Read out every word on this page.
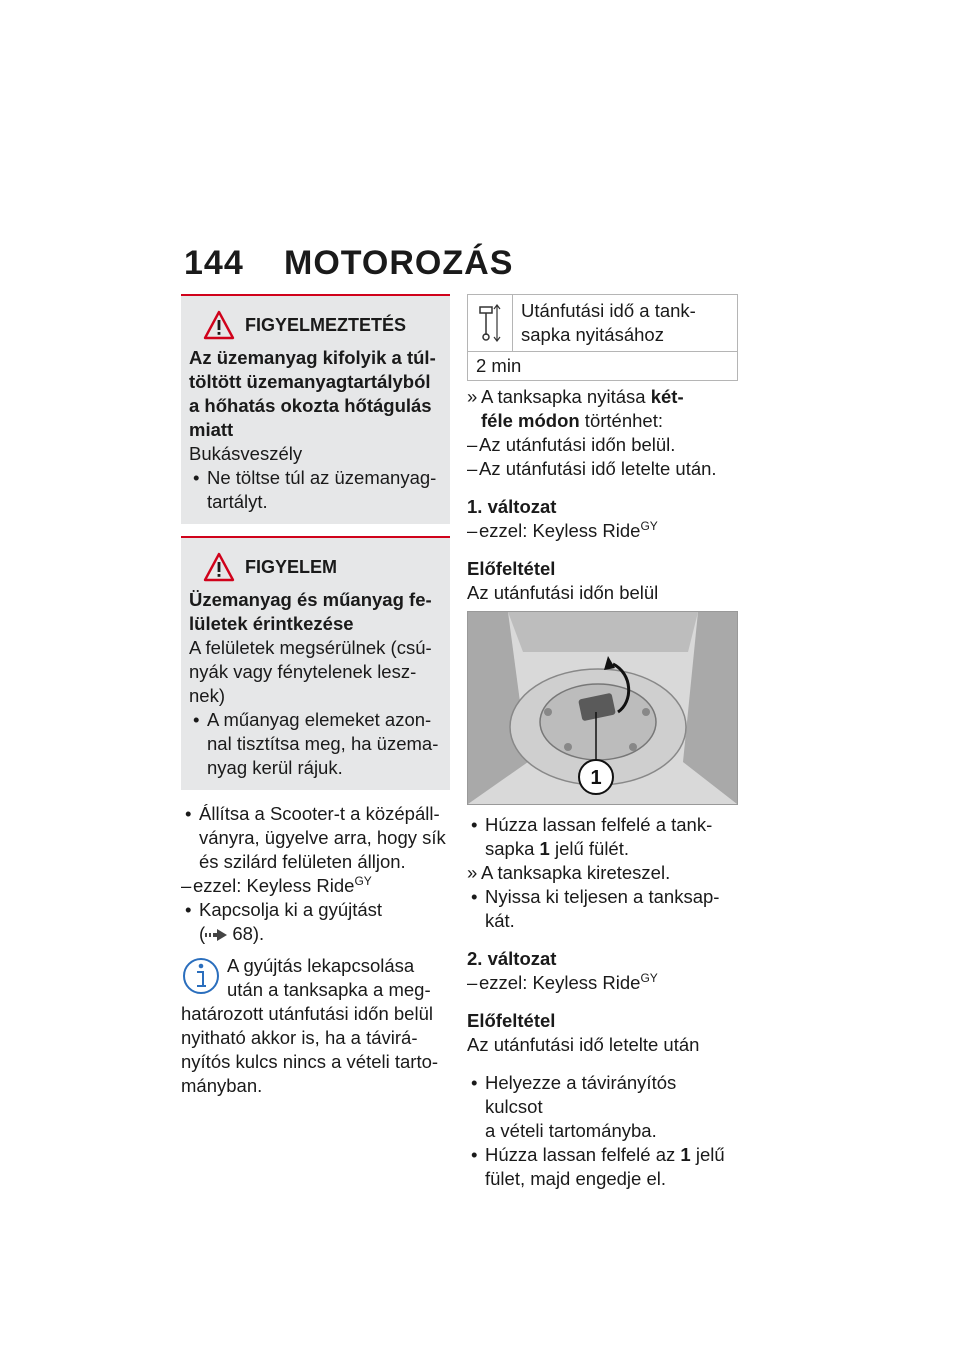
144 MOTOROZÁS
FIGYELMEZTETÉS
Az üzemanyag kifolyik a túl-
töltött üzemanyagtartályból
a hőhatás okozta hőtágulás
miatt
Bukásveszély
• Ne töltse túl az üzemanyag-
tartályt.
FIGYELEM
Üzemanyag és műanyag fe-
lületek érintkezése
A felületek megsérülnek (csú-
nyák vagy fénytelenek lesz-
nek)
• A műanyag elemeket azon-
nal tisztítsa meg, ha üzema-
nyag kerül rájuk.
• Állítsa a Scooter-t a középáll-
ványra, ügyelve arra, hogy sík
és szilárd felületen álljon.
– ezzel: Keyless Ride$^{GY}$
• Kapcsolja ki a gyújtást
( 68).
A gyújtás lekapcsolása
után a tanksapka a meg-
határozott utánfutási időn belül
nyitható akkor is, ha a távirá-
nyítós kulcs nincs a vételi tarto-
mányban.
Utánfutási idő a tank-
sapka nyitásához
2 min
» A tanksapka nyitása két-
féle módon történhet:
– Az utánfutási időn belül.
– Az utánfutási idő letelte után.
1. változat
– ezzel: Keyless Ride$^{GY}$
Előfeltétel
Az utánfutási időn belül
1
• Húzza lassan felfelé a tank-
sapka 1 jelű fülét.
» A tanksapka kireteszel.
• Nyissa ki teljesen a tanksap-
kát.
2. változat
– ezzel: Keyless Ride$^{GY}$
Előfeltétel
Az utánfutási idő letelte után
• Helyezze a távirányítós kulcsot
a vételi tartományba.
• Húzza lassan felfelé az 1 jelű
fület, majd engedje el.
